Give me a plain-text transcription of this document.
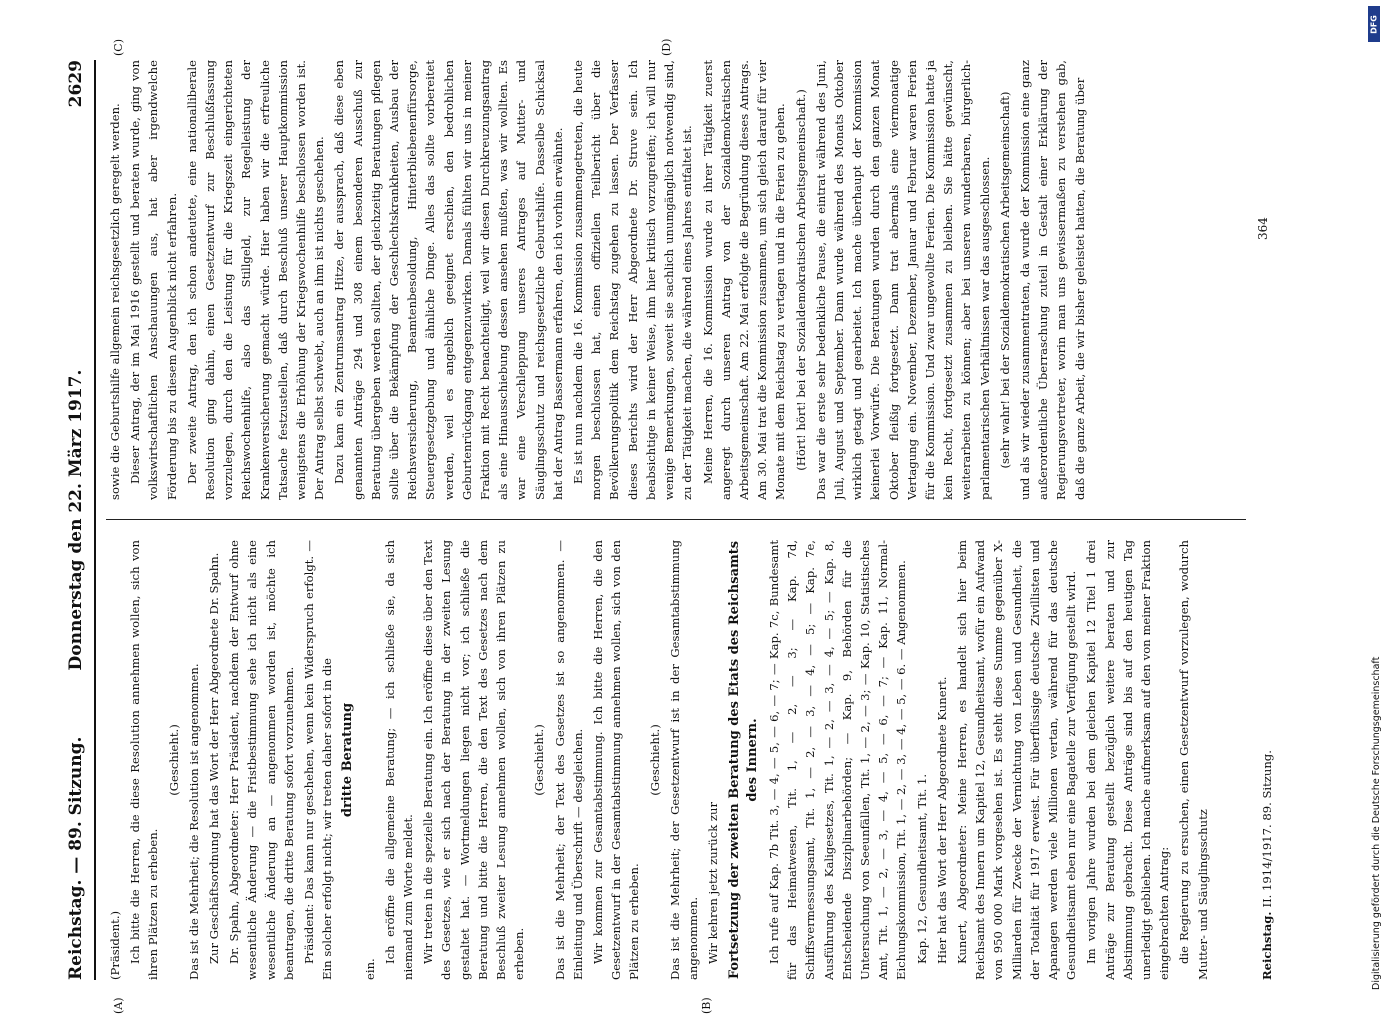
Reichstag. — 89. Sitzung.
Donnerstag den 22. März 1917.
2629

(Präsident.) Ich bitte die Herren, die diese Resolution annehmen wollen, sich von ihren Plätzen zu erheben.

(Geschieht.) Das ist die Mehrheit; die Resolution ist angenommen. Zur Geschäftsordnung hat das Wort der Herr Abgeordnete Dr. Spahn. Dr. Spahn, Abgeordneter: Herr Präsident, nachdem der Entwurf ohne wesentliche Änderung — die Fristbestimmung sehe ich nicht als eine wesentliche Änderung an — angenommen worden ist, möchte ich beantragen, die dritte Beratung sofort vorzunehmen. Präsident: Das kann nur geschehen, wenn kein Widerspruch erfolgt. — Ein solcher erfolgt nicht; wir treten daher sofort in die dritte Beratung

ein.

Ich eröffne die allgemeine Beratung; — ich schließe sie, da sich niemand zum Worte meldet. Wir treten in die spezielle Beratung ein. Ich eröffne diese über den Text des Gesetzes, wie er sich nach der Beratung in der zweiten Lesung gestaltet hat. — Wortmeldungen liegen nicht vor; ich schließe die Beratung und bitte die Herren, die den Text des Gesetzes nach dem Beschluß zweiter Lesung annehmen wollen, sich von ihren Plätzen zu erheben.

(Geschieht.) Das ist die Mehrheit; der Text des Gesetzes ist so angenommen. — Einleitung und Überschrift — desgleichen. Wir kommen zur Gesamtabstimmung. Ich bitte die Herren, die den Gesetzentwurf in der Gesamtabstimmung annehmen wollen, sich von den Plätzen zu erheben.

(Geschieht.) Das ist die Mehrheit; der Gesetzentwurf ist in der Gesamtabstimmung angenommen. Wir kehren jetzt zurück zur Fortsetzung der zweiten Beratung des Etats des Reichsamts des Innern. Ich rufe auf Kap. 7b Tit. 3, — 4, — 5, — 6, — 7; — Kap. 7c, Bundesamt für das Heimatwesen, Tit. 1, — 2, — 3; — Kap. 7d, Schiffsvermessungsamt, Tit. 1, — 2, — 3, — 4, — 5; — Kap. 7e, Ausführung des Kaligesetzes, Tit. 1, — 2, — 3, — 4, — 5; — Kap. 8, Entscheidende Disziplinarbehörden; — Kap. 9, Behörden für die Untersuchung von Seeunfällen, Tit. 1, — 2, — 3; — Kap. 10, Statistisches Amt, Tit. 1, — 2, — 3, — 4, — 5, — 6, — 7; — Kap. 11, Normal-Eichungskommission, Tit. 1, — 2, — 3, — 4, — 5, — 6. — Angenommen. Kap. 12, Gesundheitsamt, Tit. 1. Hier hat das Wort der Herr Abgeordnete Kunert. Kunert, Abgeordneter: Meine Herren, es handelt sich hier beim Reichsamt des Innern um Kapitel 12, Gesundheitsamt, wofür ein Aufwand von 950 000 Mark vorgesehen ist. Es steht diese Summe gegenüber X-Milliarden für Zwecke der Vernichtung von Leben und Gesundheit, die der Totalität für 1917 erweist. Für überflüssige deutsche Zivillisten und Apanagen werden viele Millionen vertan, während für das deutsche Gesundheitsamt eben nur eine Bagatelle zur Verfügung gestellt wird. Im vorigen Jahre wurden bei dem gleichen Kapitel 12 Titel 1 drei Anträge zur Beratung gestellt bezüglich weitere beraten und zur Abstimmung gebracht. Diese Anträge sind bis auf den heutigen Tag unerledigt geblieben. Ich mache aufmerksam auf den von meiner Fraktion eingebrachten Antrag: die Regierung zu ersuchen, einen Gesetzentwurf vorzulegen, wodurch Mutter- und Säuglingsschutz

sowie die Geburtshilfe allgemein reichsgesetzlich geregelt werden. Dieser Antrag, der im Mai 1916 gestellt und beraten wurde, ging von volkswirtschaftlichen Anschauungen aus, hat aber irgendwelche Förderung bis zu diesem Augenblick nicht erfahren. Der zweite Antrag, den ich schon andeutete, eine nationalliberale Resolution ging dahin, einen Gesetzentwurf zur Beschlußfassung vorzulegen, durch den die Leistung für die Kriegszeit eingerichteten Reichswochenhilfe, also das Stillgeld, zur Regelleistung der Krankenversicherung gemacht würde. Hier haben wir die erfreuliche Tatsache festzustellen, daß durch Beschluß unserer Hauptkommission wenigstens die Erhöhung der Kriegswochenhilfe beschlossen worden ist. Der Antrag selbst schwebt, auch an ihm ist nichts geschehen. Dazu kam ein Zentrumsantrag Hitze, der aussprach, daß diese eben genannten Anträge 294 und 308 einem besonderen Ausschuß zur Beratung übergeben werden sollten, der gleichzeitig Beratungen pflegen sollte über die Bekämpfung der Geschlechtskrankheiten, Ausbau der Reichsversicherung, Beamtenbesoldung, Hinterbliebenenfürsorge, Steuergesetzgebung und ähnliche Dinge. Alles das sollte vorbereitet werden, weil es angeblich geeignet erschien, den bedrohlichen Geburtenrückgang entgegenzuwirken. Damals fühlten wir uns in meiner Fraktion mit Recht benachteiligt, weil wir diesen Durchkreuzungsantrag als eine Hinausschiebung dessen ansehen mußten, was wir wollten. Es war eine Verschleppung unseres Antrages auf Mutter- und Säuglingsschutz und reichsgesetzliche Geburtshilfe. Dasselbe Schicksal hat der Antrag Bassermann erfahren, den ich vorhin erwähnte. Es ist nun nachdem die 16. Kommission zusammengetreten, die heute morgen beschlossen hat, einen offiziellen Teilbericht über die Bevölkerungspolitik dem Reichstag zugehen zu lassen. Der Verfasser dieses Berichts wird der Herr Abgeordnete Dr. Struve sein. Ich beabsichtige in keiner Weise, ihm hier kritisch vorzugreifen; ich will nur wenige Bemerkungen, soweit sie sachlich unumgänglich notwendig sind, zu der Tätigkeit machen, die während eines Jahres entfaltet ist. Meine Herren, die 16. Kommission wurde zu ihrer Tätigkeit zuerst angeregt durch unseren Antrag von der Sozialdemokratischen Arbeitsgemeinschaft. Am 22. Mai erfolgte die Begründung dieses Antrags. Am 30. Mai trat die Kommission zusammen, um sich gleich darauf für vier Monate mit dem Reichstag zu vertagen und in die Ferien zu gehen. (Hört! hört! bei der Sozialdemokratischen Arbeitsgemeinschaft.) Das war die erste sehr bedenkliche Pause, die eintrat während des Juni, Juli, August und September. Dann wurde während des Monats Oktober wirklich getagt und gearbeitet. Ich mache überhaupt der Kommission keinerlei Vorwürfe. Die Beratungen wurden durch den ganzen Monat Oktober fleißig fortgesetzt. Dann trat abermals eine viermonatige Vertagung ein. November, Dezember, Januar und Februar waren Ferien für die Kommission. Und zwar ungewollte Ferien. Die Kommission hatte ja kein Recht, fortgesetzt zusammen zu bleiben. Sie hätte gewünscht, weiterarbeiten zu können; aber bei unseren wunderbaren, bürgerlich-parlamentarischen Verhältnissen war das ausgeschlossen. (sehr wahr! bei der Sozialdemokratischen Arbeitsgemeinschaft) und als wir wieder zusammentraten, da wurde der Kommission eine ganz außerordentliche Überraschung zuteil in Gestalt einer Erklärung der Regierungsvertreter, worin man uns gewissermaßen zu verstehen gab, daß die ganze Arbeit, die wir bisher geleistet hatten, die Beratung über

(A)	(B)
(C)	(D)
Reichstag. II. 1914/1917. 89. Sitzung.
364
Digitalisierung gefördert durch die Deutsche Forschungsgemeinschaft
DFG
